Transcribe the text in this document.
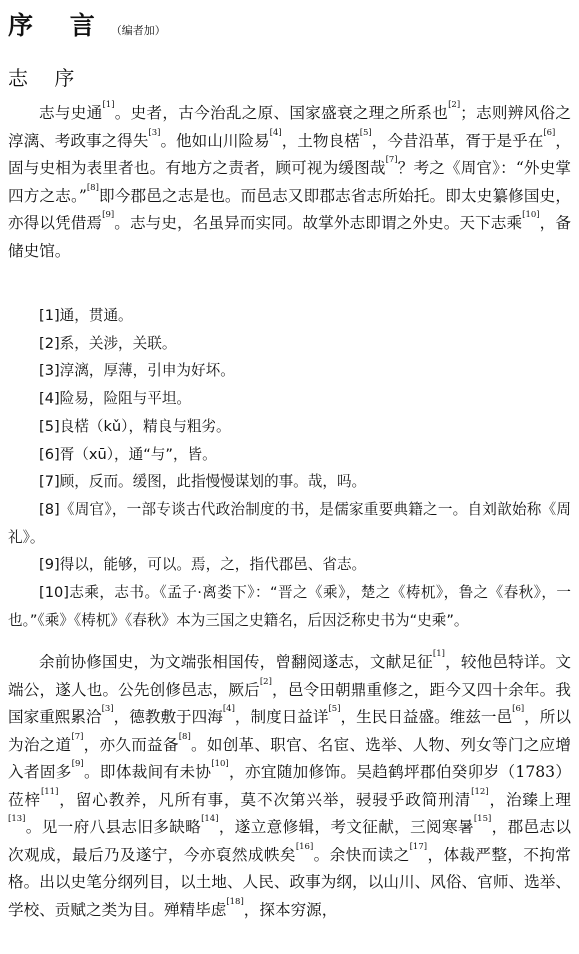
序 言 （编者加）
志 序

志与史通[1]。史者，古今治乱之原、国家盛衰之理之所系也[2]；志则辨风俗之淳漓、考政事之得失[3]。他如山川险易[4]，土物良楛[5]，今昔沿革，胥于是乎在[6]，固与史相为表里者也。有地方之责者，顾可视为缓图哉[7]？考之《周官》：“外史掌四方之志。”[8]即今郡邑之志是也。而邑志又即郡志省志所始托。即太史纂修国史，亦得以凭借焉[9]。志与史，名虽异而实同。故掌外志即谓之外史。天下志乘[10]，备储史馆。

[1]通，贯通。
[2]系，关涉，关联。
[3]淳漓，厚薄，引申为好坏。
[4]险易，险阻与平坦。
[5]良楛（kǔ），精良与粗劣。
[6]胥（xū），通“与”，皆。
[7]顾，反而。缓图，此指慢慢谋划的事。哉，吗。
[8]《周官》，一部专谈古代政治制度的书，是儒家重要典籍之一。自刘歆始称《周礼》。
[9]得以，能够，可以。焉，之，指代郡邑、省志。
[10]志乘，志书。《孟子·离娄下》：“晋之《乘》，楚之《梼杌》，鲁之《春秋》，一也。”《乘》《梼杌》《春秋》本为三国之史籍名，后因泛称史书为“史乘”。

余前协修国史，为文端张相国传，曾翻阅遂志，文献足征[1]，较他邑特详。文端公，遂人也。公先创修邑志，厥后[2]，邑令田朝鼎重修之，距今又四十余年。我国家重熙累洽[3]，德教敷于四海[4]，制度日益详[5]，生民日益盛。维兹一邑[6]，所以为治之道[7]，亦久而益备[8]。如创革、职官、名宦、选举、人物、列女等门之应增入者固多[9]。即体裁间有未协[10]，亦宜随加修饰。吴趋鹤坪郡伯癸卯岁（1783）莅梓[11]，留心教养，凡所有事，莫不次第兴举，骎骎乎政简刑清[12]，治臻上理[13]。见一府八县志旧多缺略[14]，遂立意修辑，考文征献，三阅寒暑[15]，郡邑志以次观成，最后乃及遂宁，今亦裒然成帙矣[16]。余快而读之[17]，体裁严整，不拘常格。出以史笔分纲列目，以土地、人民、政事为纲，以山川、风俗、官师、选举、学校、贡赋之类为目。殚精毕虑[18]，探本穷源，
